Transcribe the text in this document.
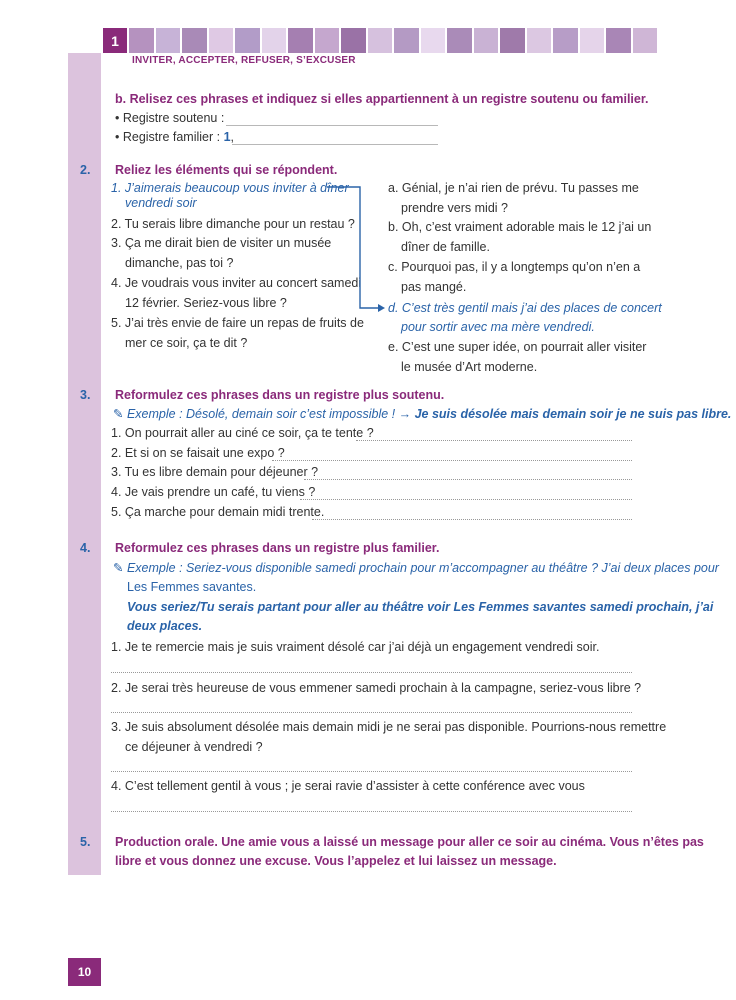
1
INVITER, ACCEPTER, REFUSER, S’EXCUSER
b. Relisez ces phrases et indiquez si elles appartiennent à un registre soutenu ou familier.
• Registre soutenu :
• Registre familier : 1,
2. Reliez les éléments qui se répondent.
1. J’aimerais beaucoup vous inviter à dîner
vendredi soir
2. Tu serais libre dimanche pour un restau ?
3. Ça me dirait bien de visiter un musée
dimanche, pas toi ?
4. Je voudrais vous inviter au concert samedi
12 février. Seriez-vous libre ?
5. J’ai très envie de faire un repas de fruits de
mer ce soir, ça te dit ?
a. Génial, je n’ai rien de prévu. Tu passes me
prendre vers midi ?
b. Oh, c’est vraiment adorable mais le 12 j’ai un
dîner de famille.
c. Pourquoi pas, il y a longtemps qu’on n’en a
pas mangé.
d. C’est très gentil mais j’ai des places de concert
pour sortir avec ma mère vendredi.
e. C’est une super idée, on pourrait aller visiter
le musée d’Art moderne.
3. Reformulez ces phrases dans un registre plus soutenu.
✎ Exemple : Désolé, demain soir c’est impossible ! → Je suis désolée mais demain soir je ne suis pas libre.
1. On pourrait aller au ciné ce soir, ça te tente ?
2. Et si on se faisait une expo ?
3. Tu es libre demain pour déjeuner ?
4. Je vais prendre un café, tu viens ?
5. Ça marche pour demain midi trente.
4. Reformulez ces phrases dans un registre plus familier.
✎ Exemple : Seriez-vous disponible samedi prochain pour m’accompagner au théâtre ? J’ai deux places pour
Les Femmes savantes.
Vous seriez/Tu serais partant pour aller au théâtre voir Les Femmes savantes samedi prochain, j’ai
deux places.
1. Je te remercie mais je suis vraiment désolé car j’ai déjà un engagement vendredi soir.
2. Je serai très heureuse de vous emmener samedi prochain à la campagne, seriez-vous libre ?
3. Je suis absolument désolée mais demain midi je ne serai pas disponible. Pourrions-nous remettre
ce déjeuner à vendredi ?
4. C’est tellement gentil à vous ; je serai ravie d’assister à cette conférence avec vous
5. Production orale. Une amie vous a laissé un message pour aller ce soir au cinéma. Vous n’êtes pas
libre et vous donnez une excuse. Vous l’appelez et lui laissez un message.
10
